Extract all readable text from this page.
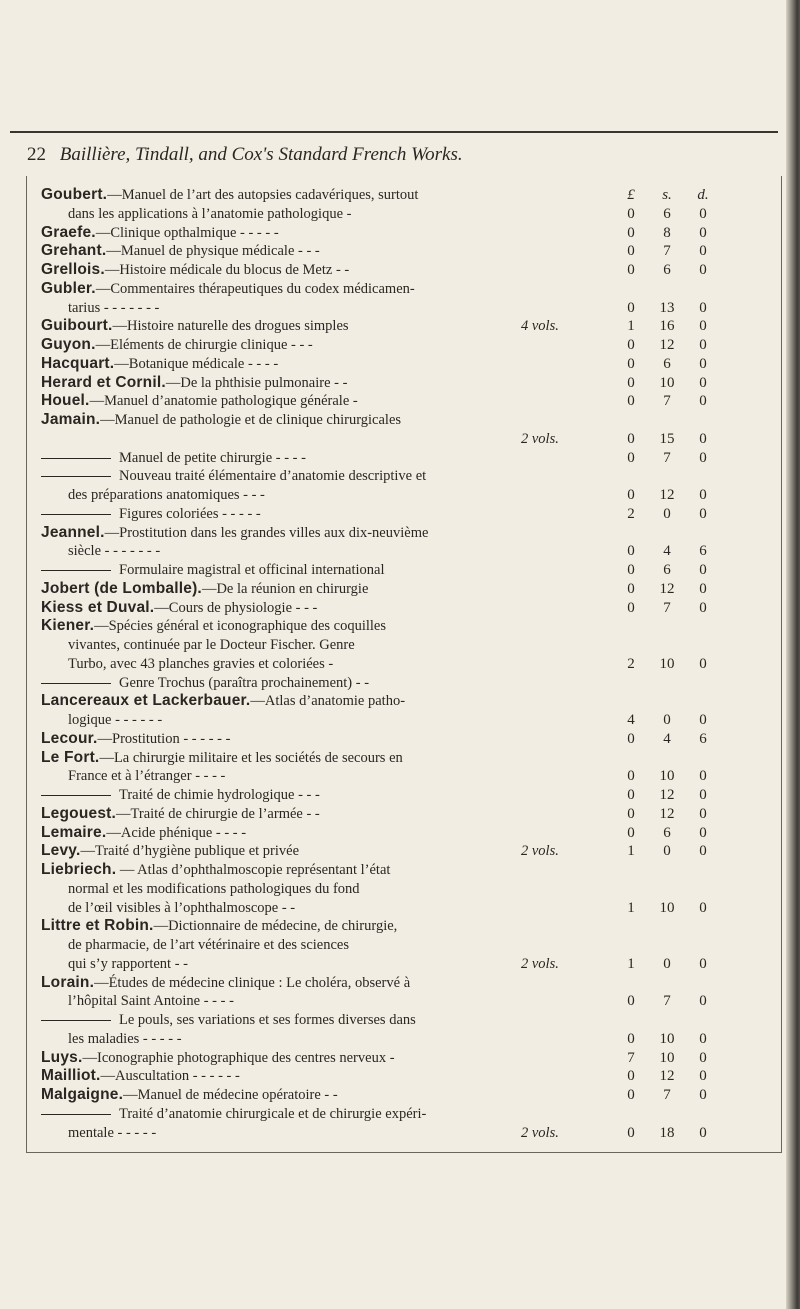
22 Baillière, Tindall, and Cox's Standard French Works.
Goubert.—Manuel de l’art des autopsies cadavériques, surtout	£	s.	d.
dans les applications à l’anatomie pathologique -	0	6	0
Graefe.—Clinique opthalmique - - - - -	0	8	0
Grehant.—Manuel de physique médicale - - -	0	7	0
Grellois.—Histoire médicale du blocus de Metz - -	0	6	0
Gubler.—Commentaires thérapeutiques du codex médicamen-
tarius - - - - - - -	0	13	0
Guibourt.—Histoire naturelle des drogues simples	4 vols.	1	16	0
Guyon.—Eléments de chirurgie clinique - - -	0	12	0
Hacquart.—Botanique médicale - - - -	0	6	0
Herard et Cornil.—De la phthisie pulmonaire - -	0	10	0
Houel.—Manuel d’anatomie pathologique générale -	0	7	0
Jamain.—Manuel de pathologie et de clinique chirurgicales
2 vols.	0	15	0
Manuel de petite chirurgie - - - -	0	7	0
Nouveau traité élémentaire d’anatomie descriptive et
des préparations anatomiques - - -	0	12	0
Figures coloriées - - - - -	2	0	0
Jeannel.—Prostitution dans les grandes villes aux dix-neuvième
siècle - - - - - - -	0	4	6
Formulaire magistral et officinal international	0	6	0
Jobert (de Lomballe).—De la réunion en chirurgie	0	12	0
Kiess et Duval.—Cours de physiologie - - -	0	7	0
Kiener.—Spécies général et iconographique des coquilles
vivantes, continuée par le Docteur Fischer. Genre
Turbo, avec 43 planches gravies et coloriées -	2	10	0
Genre Trochus (paraîtra prochainement) - -
Lancereaux et Lackerbauer.—Atlas d’anatomie patho-
logique - - - - - -	4	0	0
Lecour.—Prostitution - - - - - -	0	4	6
Le Fort.—La chirurgie militaire et les sociétés de secours en
France et à l’étranger - - - -	0	10	0
Traité de chimie hydrologique - - -	0	12	0
Legouest.—Traité de chirurgie de l’armée - -	0	12	0
Lemaire.—Acide phénique - - - -	0	6	0
Levy.—Traité d’hygiène publique et privée	2 vols.	1	0	0
Liebriech. — Atlas d’ophthalmoscopie représentant l’état
normal et les modifications pathologiques du fond
de l’œil visibles à l’ophthalmoscope - -	1	10	0
Littre et Robin.—Dictionnaire de médecine, de chirurgie,
de pharmacie, de l’art vétérinaire et des sciences
qui s’y rapportent - -	2 vols.	1	0	0
Lorain.—Études de médecine clinique : Le choléra, observé à
l’hôpital Saint Antoine - - - -	0	7	0
Le pouls, ses variations et ses formes diverses dans
les maladies - - - - -	0	10	0
Luys.—Iconographie photographique des centres nerveux -	7	10	0
Mailliot.—Auscultation - - - - - -	0	12	0
Malgaigne.—Manuel de médecine opératoire - -	0	7	0
Traité d’anatomie chirurgicale et de chirurgie expéri-
mentale - - - - -	2 vols.	0	18	0
